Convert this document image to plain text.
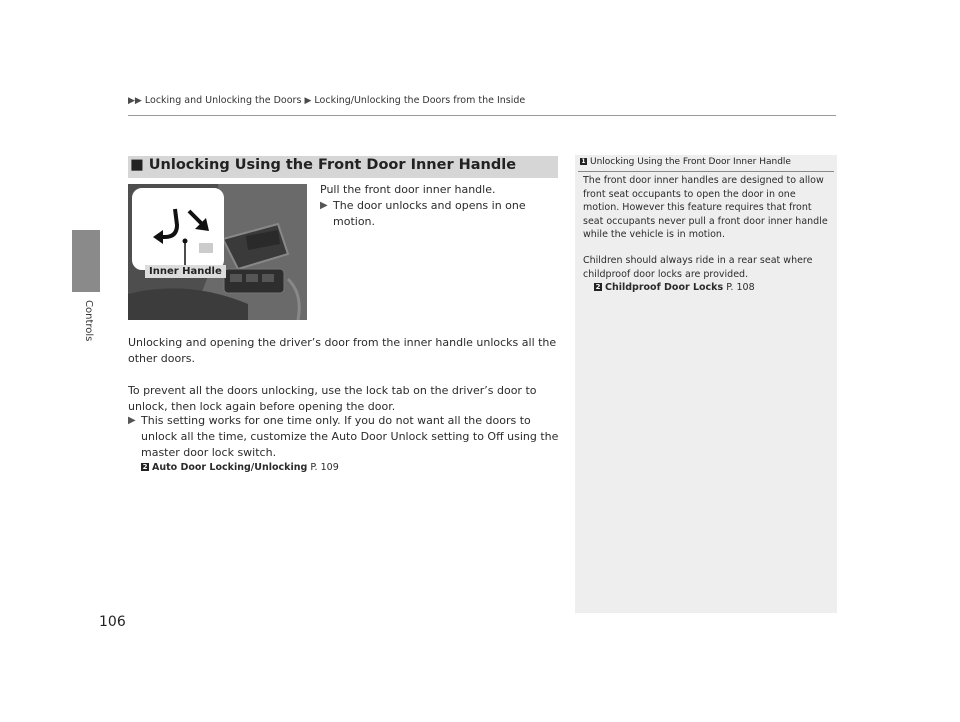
▶▶ Locking and Unlocking the Doors ▶ Locking/Unlocking the Doors from the Inside
Controls
■ Unlocking Using the Front Door Inner Handle
Inner Handle
Pull the front door inner handle.
▶ The door unlocks and opens in one motion.
Unlocking and opening the driver’s door from the inner handle unlocks all the other doors.
To prevent all the doors unlocking, use the lock tab on the driver’s door to unlock, then lock again before opening the door.
▶ This setting works for one time only. If you do not want all the doors to unlock all the time, customize the Auto Door Unlock setting to Off using the master door lock switch.
2 Auto Door Locking/Unlocking P. 109
1 Unlocking Using the Front Door Inner Handle
The front door inner handles are designed to allow front seat occupants to open the door in one motion. However this feature requires that front seat occupants never pull a front door inner handle while the vehicle is in motion.
Children should always ride in a rear seat where childproof door locks are provided.
2 Childproof Door Locks P. 108
106
